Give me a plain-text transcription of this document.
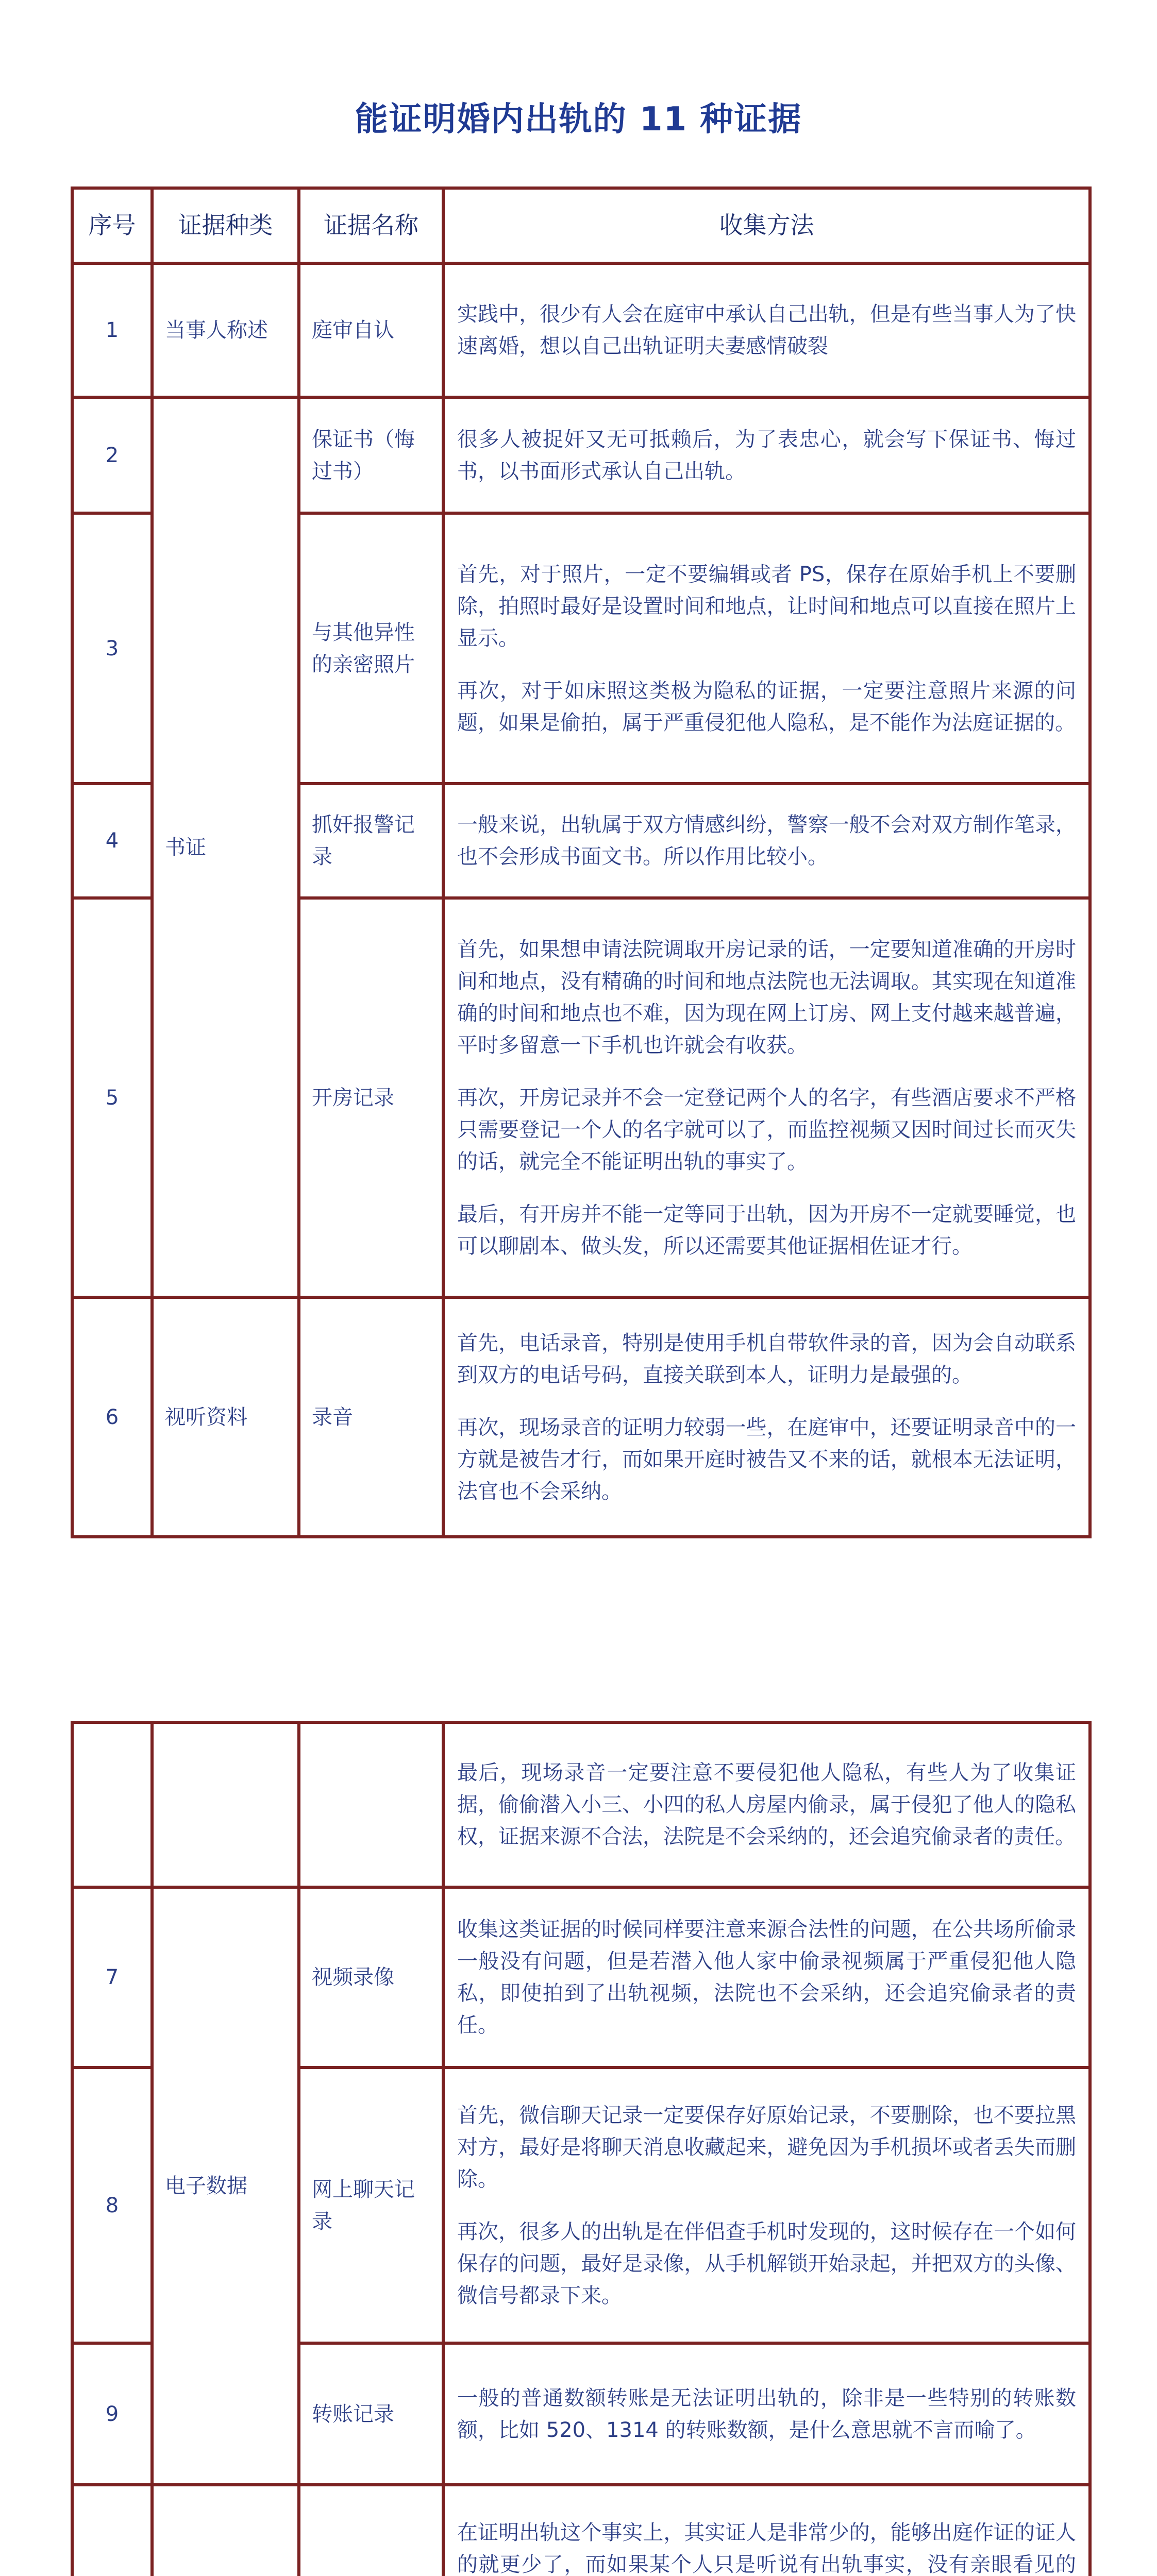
能证明婚内出轨的 11 种证据
序号	证据种类	证据名称	收集方法
1	当事人称述	庭审自认	实践中，很少有人会在庭审中承认自己出轨，但是有些当事人为了快速离婚，想以自己出轨证明夫妻感情破裂

2	书证	保证书（悔过书）	很多人被捉奸又无可抵赖后，为了表忠心，就会写下保证书、悔过书，以书面形式承认自己出轨。

3		与其他异性的亲密照片	首先，对于照片，一定不要编辑或者 PS，保存在原始手机上不要删除，拍照时最好是设置时间和地点，让时间和地点可以直接在照片上显示。

再次，对于如床照这类极为隐私的证据，一定要注意照片来源的问题，如果是偷拍，属于严重侵犯他人隐私，是不能作为法庭证据的。

4		抓奸报警记录	一般来说，出轨属于双方情感纠纷，警察一般不会对双方制作笔录，也不会形成书面文书。所以作用比较小。

5		开房记录	首先，如果想申请法院调取开房记录的话，一定要知道准确的开房时间和地点，没有精确的时间和地点法院也无法调取。其实现在知道准确的时间和地点也不难，因为现在网上订房、网上支付越来越普遍，平时多留意一下手机也许就会有收获。

再次，开房记录并不会一定登记两个人的名字，有些酒店要求不严格只需要登记一个人的名字就可以了，而监控视频又因时间过长而灭失的话，就完全不能证明出轨的事实了。

最后，有开房并不能一定等同于出轨，因为开房不一定就要睡觉，也可以聊剧本、做头发，所以还需要其他证据相佐证才行。

6	视听资料	录音	首先，电话录音，特别是使用手机自带软件录的音，因为会自动联系到双方的电话号码，直接关联到本人，证明力是最强的。

再次，现场录音的证明力较弱一些，在庭审中，还要证明录音中的一方就是被告才行，而如果开庭时被告又不来的话，就根本无法证明，法官也不会采纳。

			最后，现场录音一定要注意不要侵犯他人隐私，有些人为了收集证据，偷偷潜入小三、小四的私人房屋内偷录，属于侵犯了他人的隐私权，证据来源不合法，法院是不会采纳的，还会追究偷录者的责任。

7	电子数据	视频录像	收集这类证据的时候同样要注意来源合法性的问题，在公共场所偷录一般没有问题，但是若潜入他人家中偷录视频属于严重侵犯他人隐私，即使拍到了出轨视频，法院也不会采纳，还会追究偷录者的责任。

8		网上聊天记录	首先，微信聊天记录一定要保存好原始记录，不要删除，也不要拉黑对方，最好是将聊天消息收藏起来，避免因为手机损坏或者丢失而删除。

再次，很多人的出轨是在伴侣查手机时发现的，这时候存在一个如何保存的问题，最好是录像，从手机解锁开始录起，并把双方的头像、微信号都录下来。

9		转账记录	一般的普通数额转账是无法证明出轨的，除非是一些特别的转账数额，比如 520、1314 的转账数额，是什么意思就不言而喻了。

在证明出轨这个事实上，其实证人是非常少的，能够出庭作证的证人的就更少了，而如果某个人只是听说有出轨事实，没有亲眼看见的
